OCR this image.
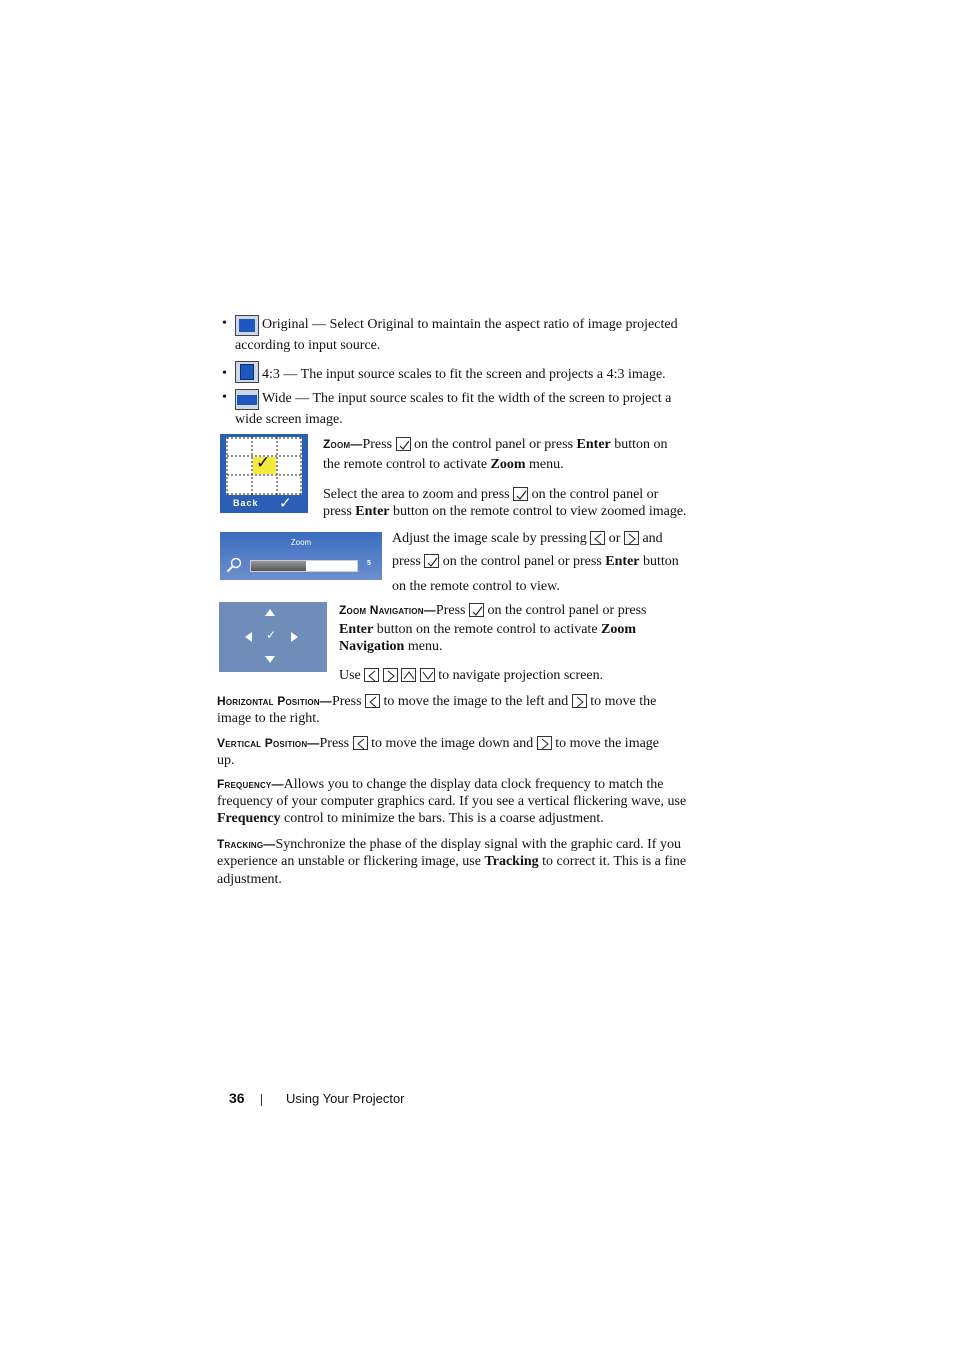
•	Original — Select Original to maintain the aspect ratio of image projected
according to input source.
•	4:3 — The input source scales to fit the screen and projects a 4:3 image.
•	Wide — The input source scales to fit the width of the screen to project a
wide screen image.
✓
Back ✓
Zoom—Press on the control panel or press Enter button on
the remote control to activate Zoom menu.
Select the area to zoom and press on the control panel or
press Enter button on the remote control to view zoomed image.
Zoom
5
Adjust the image scale by pressing or and
press on the control panel or press Enter button
on the remote control to view.
✓
Zoom Navigation—Press on the control panel or press
Enter button on the remote control to activate Zoom
Navigation menu.
Use

	to navigate projection screen.
Horizontal Position—Press to move the image to the left and to move the
image to the right.
Vertical Position—Press to move the image down and to move the image
up.
Frequency—Allows you to change the display data clock frequency to match the
frequency of your computer graphics card. If you see a vertical flickering wave, use
Frequency control to minimize the bars. This is a coarse adjustment.
Tracking—Synchronize the phase of the display signal with the graphic card. If you
experience an unstable or flickering image, use Tracking to correct it. This is a fine
adjustment.
36	Using Your Projector
